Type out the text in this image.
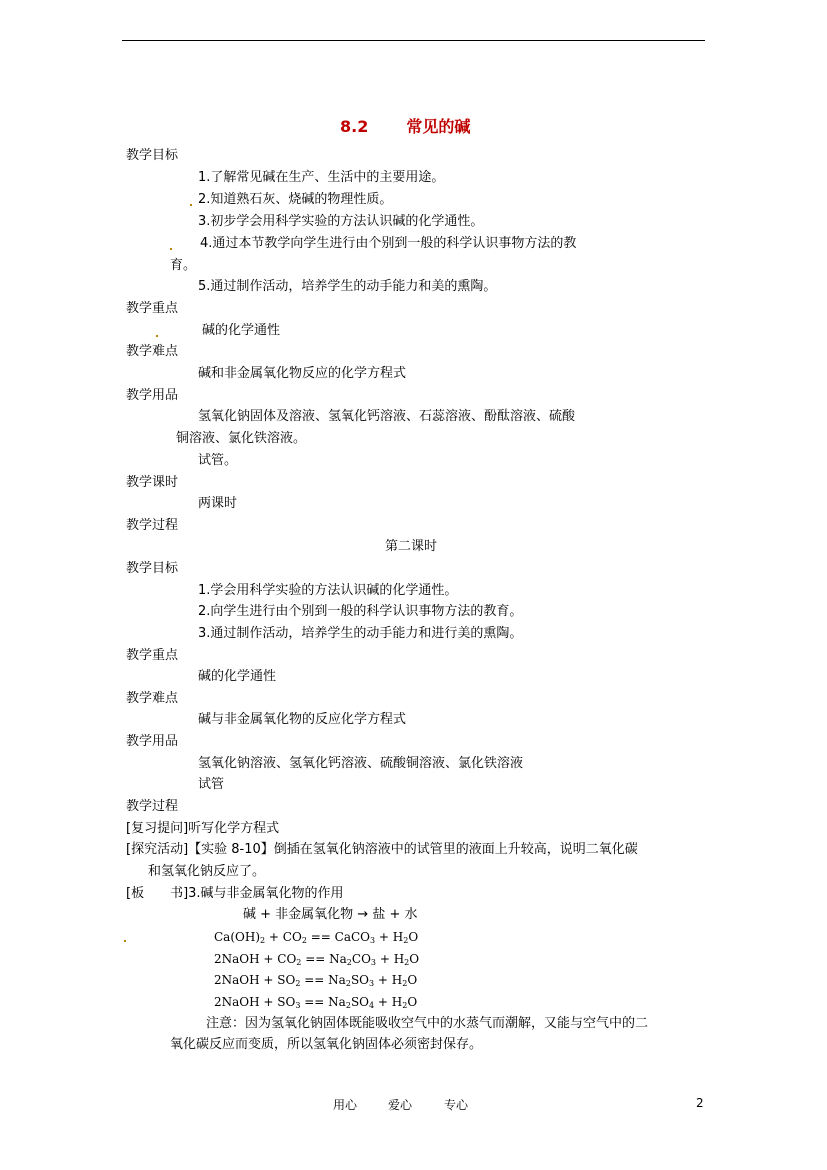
8.2 常见的碱
教学目标
1.了解常见碱在生产、生活中的主要用途。
2.知道熟石灰、烧碱的物理性质。
3.初步学会用科学实验的方法认识碱的化学通性。
4.通过本节教学向学生进行由个别到一般的科学认识事物方法的教
育。
5.通过制作活动，培养学生的动手能力和美的熏陶。
教学重点
碱的化学通性
教学难点
碱和非金属氧化物反应的化学方程式
教学用品
氢氧化钠固体及溶液、氢氧化钙溶液、石蕊溶液、酚酞溶液、硫酸
铜溶液、氯化铁溶液。
试管。
教学课时
两课时
教学过程
第二课时
教学目标
1.学会用科学实验的方法认识碱的化学通性。
2.向学生进行由个别到一般的科学认识事物方法的教育。
3.通过制作活动，培养学生的动手能力和进行美的熏陶。
教学重点
碱的化学通性
教学难点
碱与非金属氧化物的反应化学方程式
教学用品
氢氧化钠溶液、氢氧化钙溶液、硫酸铜溶液、氯化铁溶液
试管
教学过程
[复习提问]听写化学方程式
[探究活动]【实验 8-10】倒插在氢氧化钠溶液中的试管里的液面上升较高，说明二氧化碳
和氢氧化钠反应了。
[板　　书]3.碱与非金属氧化物的作用
碱 + 非金属氧化物 → 盐 + 水
$Ca(OH)_2 + CO_2$ == CaCO$_3$ + $H_2O$
2NaOH + $CO_2 == Na_2CO_3 + H_2O$
2NaOH + $SO_2 == Na_2SO_3 + H_2O$
2NaOH + $SO_3 == Na_2SO_4 + H_2O$
注意：因为氢氧化钠固体既能吸收空气中的水蒸气而潮解，又能与空气中的二
氧化碳反应而变质，所以氢氧化钠固体必须密封保存。
用心	爱心	专心	2
